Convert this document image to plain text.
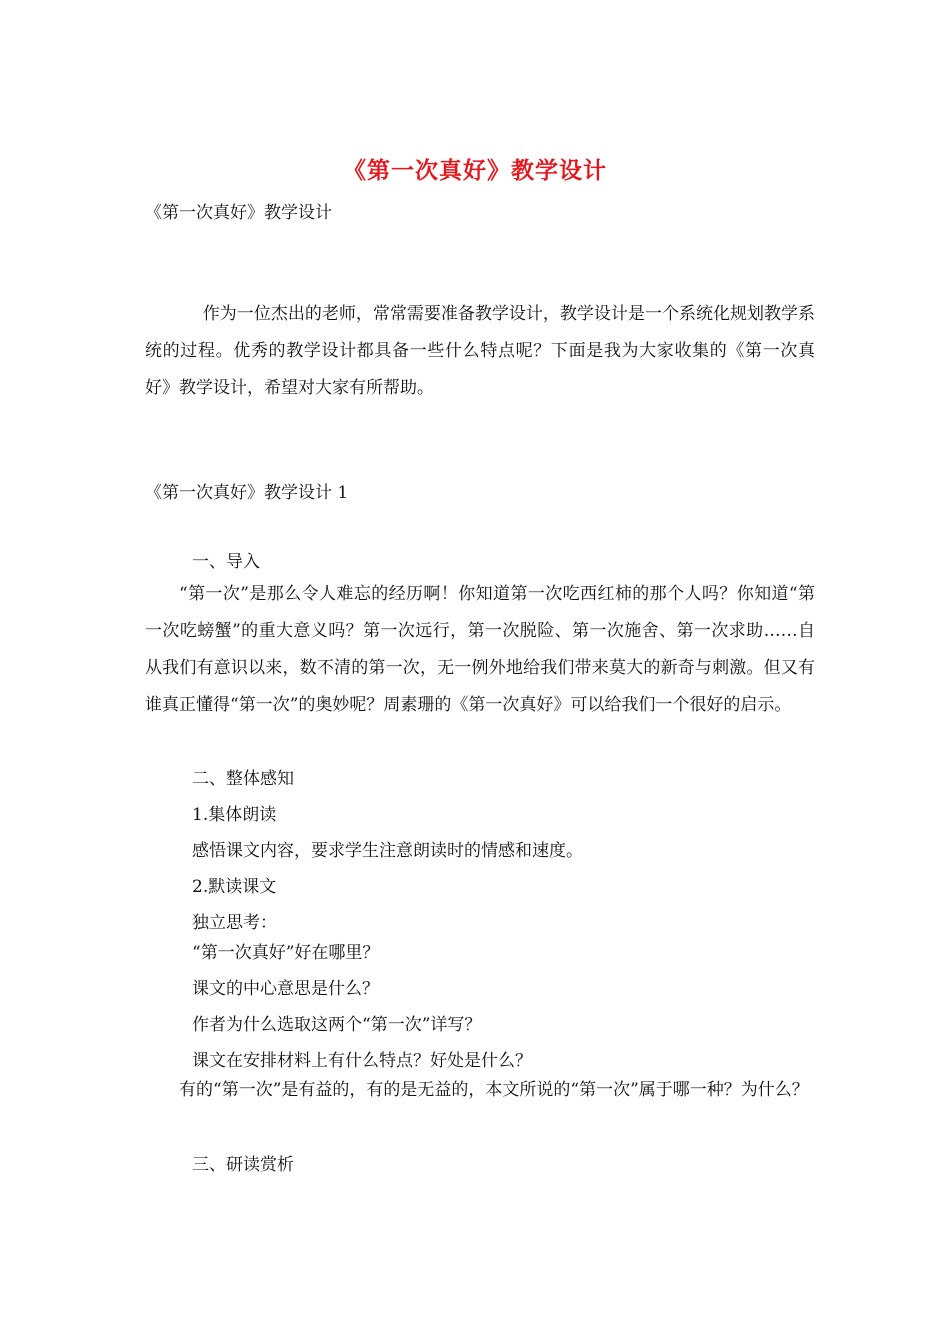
《第一次真好》教学设计
《第一次真好》教学设计
作为一位杰出的老师，常常需要准备教学设计，教学设计是一个系统化规划教学系统的过程。优秀的教学设计都具备一些什么特点呢？下面是我为大家收集的《第一次真好》教学设计，希望对大家有所帮助。
《第一次真好》教学设计 1
一、导入
“第一次”是那么令人难忘的经历啊！你知道第一次吃西红柿的那个人吗？你知道“第一次吃螃蟹”的重大意义吗？第一次远行，第一次脱险、第一次施舍、第一次求助……自从我们有意识以来，数不清的第一次，无一例外地给我们带来莫大的新奇与刺激。但又有谁真正懂得“第一次”的奥妙呢？周素珊的《第一次真好》可以给我们一个很好的启示。
二、整体感知
1.集体朗读
感悟课文内容，要求学生注意朗读时的情感和速度。
2.默读课文
独立思考：
“第一次真好”好在哪里？
课文的中心意思是什么？
作者为什么选取这两个“第一次”详写？
课文在安排材料上有什么特点？好处是什么？
有的“第一次”是有益的，有的是无益的，本文所说的“第一次”属于哪一种？为什么？
三、研读赏析
